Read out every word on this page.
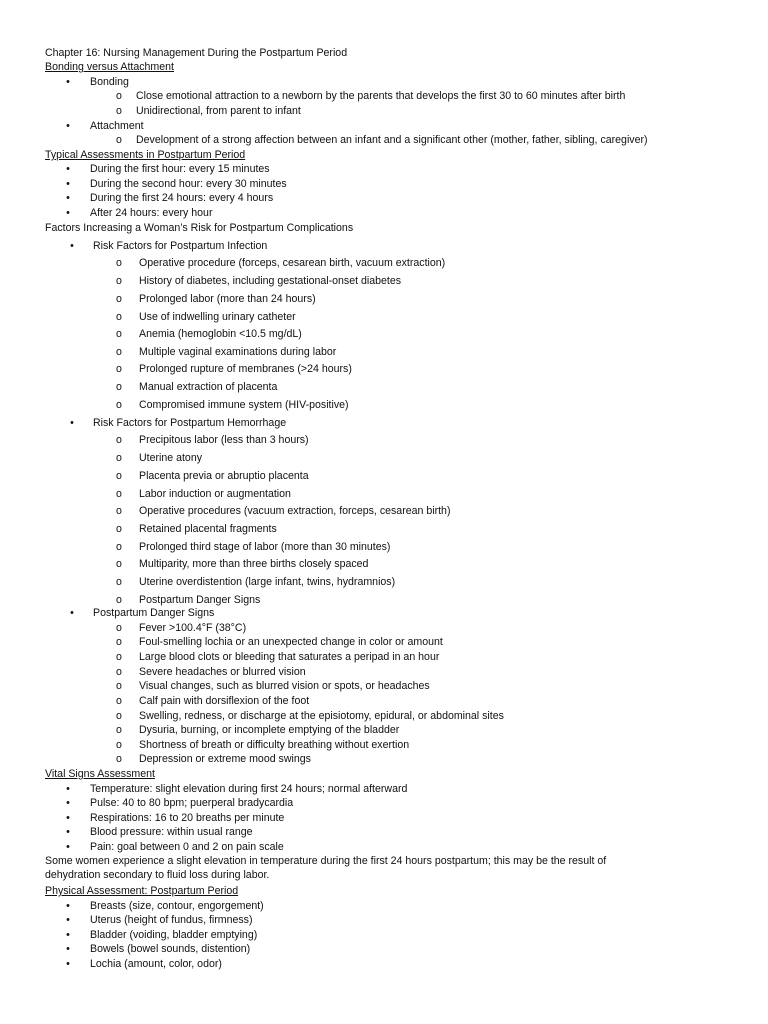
Chapter 16: Nursing Management During the Postpartum Period
Bonding versus Attachment
•	Bonding
o	Close emotional attraction to a newborn by the parents that develops the first 30 to 60 minutes after birth
o	Unidirectional, from parent to infant
•	Attachment
o	Development of a strong affection between an infant and a significant other (mother, father, sibling, caregiver)
Typical Assessments in Postpartum Period
•	During the first hour: every 15 minutes
•	During the second hour: every 30 minutes
•	During the first 24 hours: every 4 hours
•	After 24 hours: every hour
Factors Increasing a Woman’s Risk for Postpartum Complications
•	Risk Factors for Postpartum Infection
o	Operative procedure (forceps, cesarean birth, vacuum extraction)
o	History of diabetes, including gestational-onset diabetes
o	Prolonged labor (more than 24 hours)
o	Use of indwelling urinary catheter
o	Anemia (hemoglobin <10.5 mg/dL)
o	Multiple vaginal examinations during labor
o	Prolonged rupture of membranes (>24 hours)
o	Manual extraction of placenta
o	Compromised immune system (HIV-positive)
•	Risk Factors for Postpartum Hemorrhage
o	Precipitous labor (less than 3 hours)
o	Uterine atony
o	Placenta previa or abruptio placenta
o	Labor induction or augmentation
o	Operative procedures (vacuum extraction, forceps, cesarean birth)
o	Retained placental fragments
o	Prolonged third stage of labor (more than 30 minutes)
o	Multiparity, more than three births closely spaced
o	Uterine overdistention (large infant, twins, hydramnios)
o	Postpartum Danger Signs
•	Postpartum Danger Signs
o	Fever >100.4°F (38°C)
o	Foul-smelling lochia or an unexpected change in color or amount
o	Large blood clots or bleeding that saturates a peripad in an hour
o	Severe headaches or blurred vision
o	Visual changes, such as blurred vision or spots, or headaches
o	Calf pain with dorsiflexion of the foot
o	Swelling, redness, or discharge at the episiotomy, epidural, or abdominal sites
o	Dysuria, burning, or incomplete emptying of the bladder
o	Shortness of breath or difficulty breathing without exertion
o	Depression or extreme mood swings
Vital Signs Assessment
•	Temperature: slight elevation during first 24 hours; normal afterward
•	Pulse: 40 to 80 bpm; puerperal bradycardia
•	Respirations: 16 to 20 breaths per minute
•	Blood pressure: within usual range
•	Pain: goal between 0 and 2 on pain scale
Some women experience a slight elevation in temperature during the first 24 hours postpartum; this may be the result of
dehydration secondary to fluid loss during labor.
Physical Assessment: Postpartum Period
•	Breasts (size, contour, engorgement)
•	Uterus (height of fundus, firmness)
•	Bladder (voiding, bladder emptying)
•	Bowels (bowel sounds, distention)
•	Lochia (amount, color, odor)
